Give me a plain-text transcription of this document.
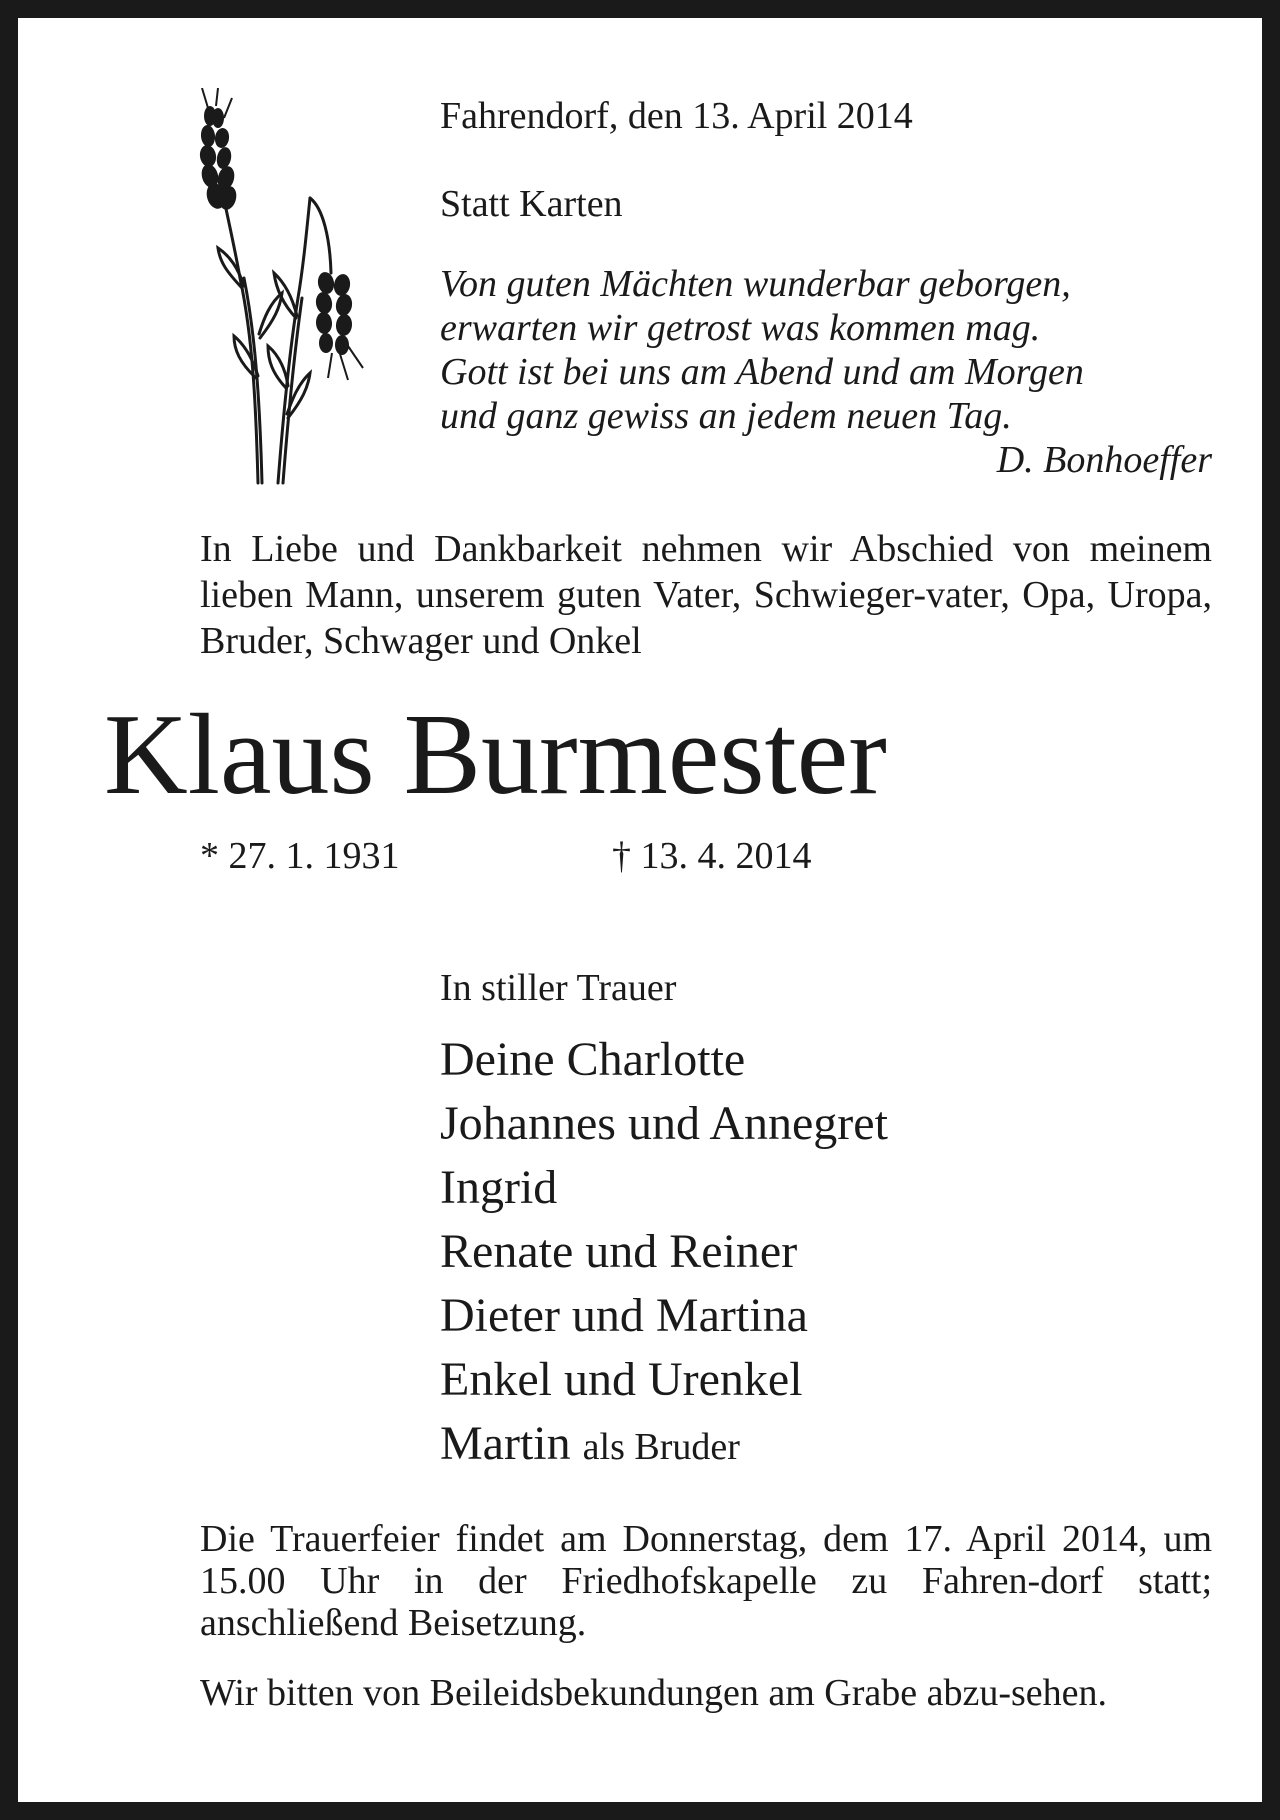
Fahrendorf, den 13. April 2014
Statt Karten
Von guten Mächten wunderbar geborgen,
erwarten wir getrost was kommen mag.
Gott ist bei uns am Abend und am Morgen
und ganz gewiss an jedem neuen Tag.
D. Bonhoeffer
In Liebe und Dankbarkeit nehmen wir Abschied von meinem lieben Mann, unserem guten Vater, Schwieger-vater, Opa, Uropa, Bruder, Schwager und Onkel
Klaus Burmester
* 27. 1. 1931	† 13. 4. 2014
In stiller Trauer
Deine Charlotte
Johannes und Annegret
Ingrid
Renate und Reiner
Dieter und Martina
Enkel und Urenkel
Martin als Bruder
Die Trauerfeier findet am Donnerstag, dem 17. April 2014, um 15.00 Uhr in der Friedhofskapelle zu Fahren-dorf statt; anschließend Beisetzung.
Wir bitten von Beileidsbekundungen am Grabe abzu-sehen.
